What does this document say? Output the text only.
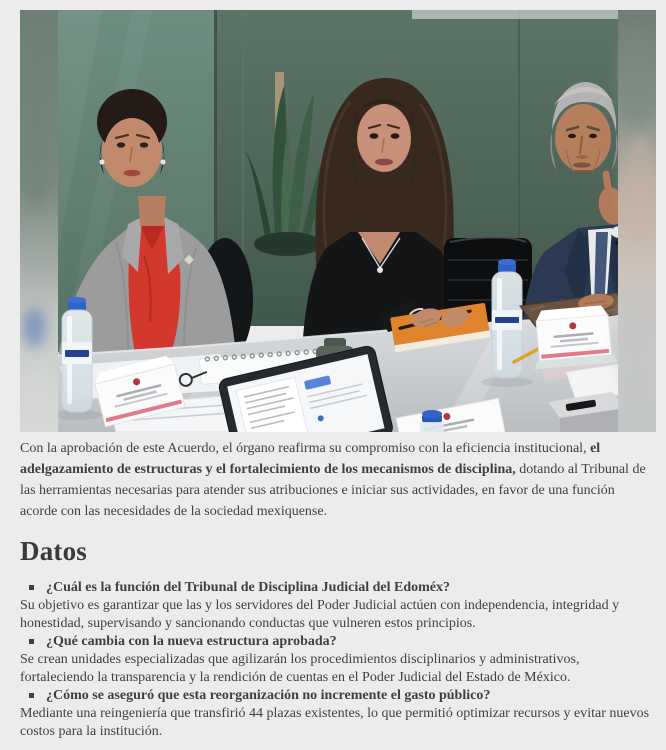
Con la aprobación de este Acuerdo, el órgano reafirma su compromiso con la eficiencia institucional, el adelgazamiento de estructuras y el fortalecimiento de los mecanismos de disciplina, dotando al Tribunal de las herramientas necesarias para atender sus atribuciones e iniciar sus actividades, en favor de una función acorde con las necesidades de la sociedad mexiquense.

Datos
¿Cuál es la función del Tribunal de Disciplina Judicial del Edoméx?

Su objetivo es garantizar que las y los servidores del Poder Judicial actúen con independencia, integridad y honestidad, supervisando y sancionando conductas que vulneren estos principios.

¿Qué cambia con la nueva estructura aprobada?

Se crean unidades especializadas que agilizarán los procedimientos disciplinarios y administrativos, fortaleciendo la transparencia y la rendición de cuentas en el Poder Judicial del Estado de México.

¿Cómo se aseguró que esta reorganización no incremente el gasto público?

Mediante una reingeniería que transfirió 44 plazas existentes, lo que permitió optimizar recursos y evitar nuevos costos para la institución.
